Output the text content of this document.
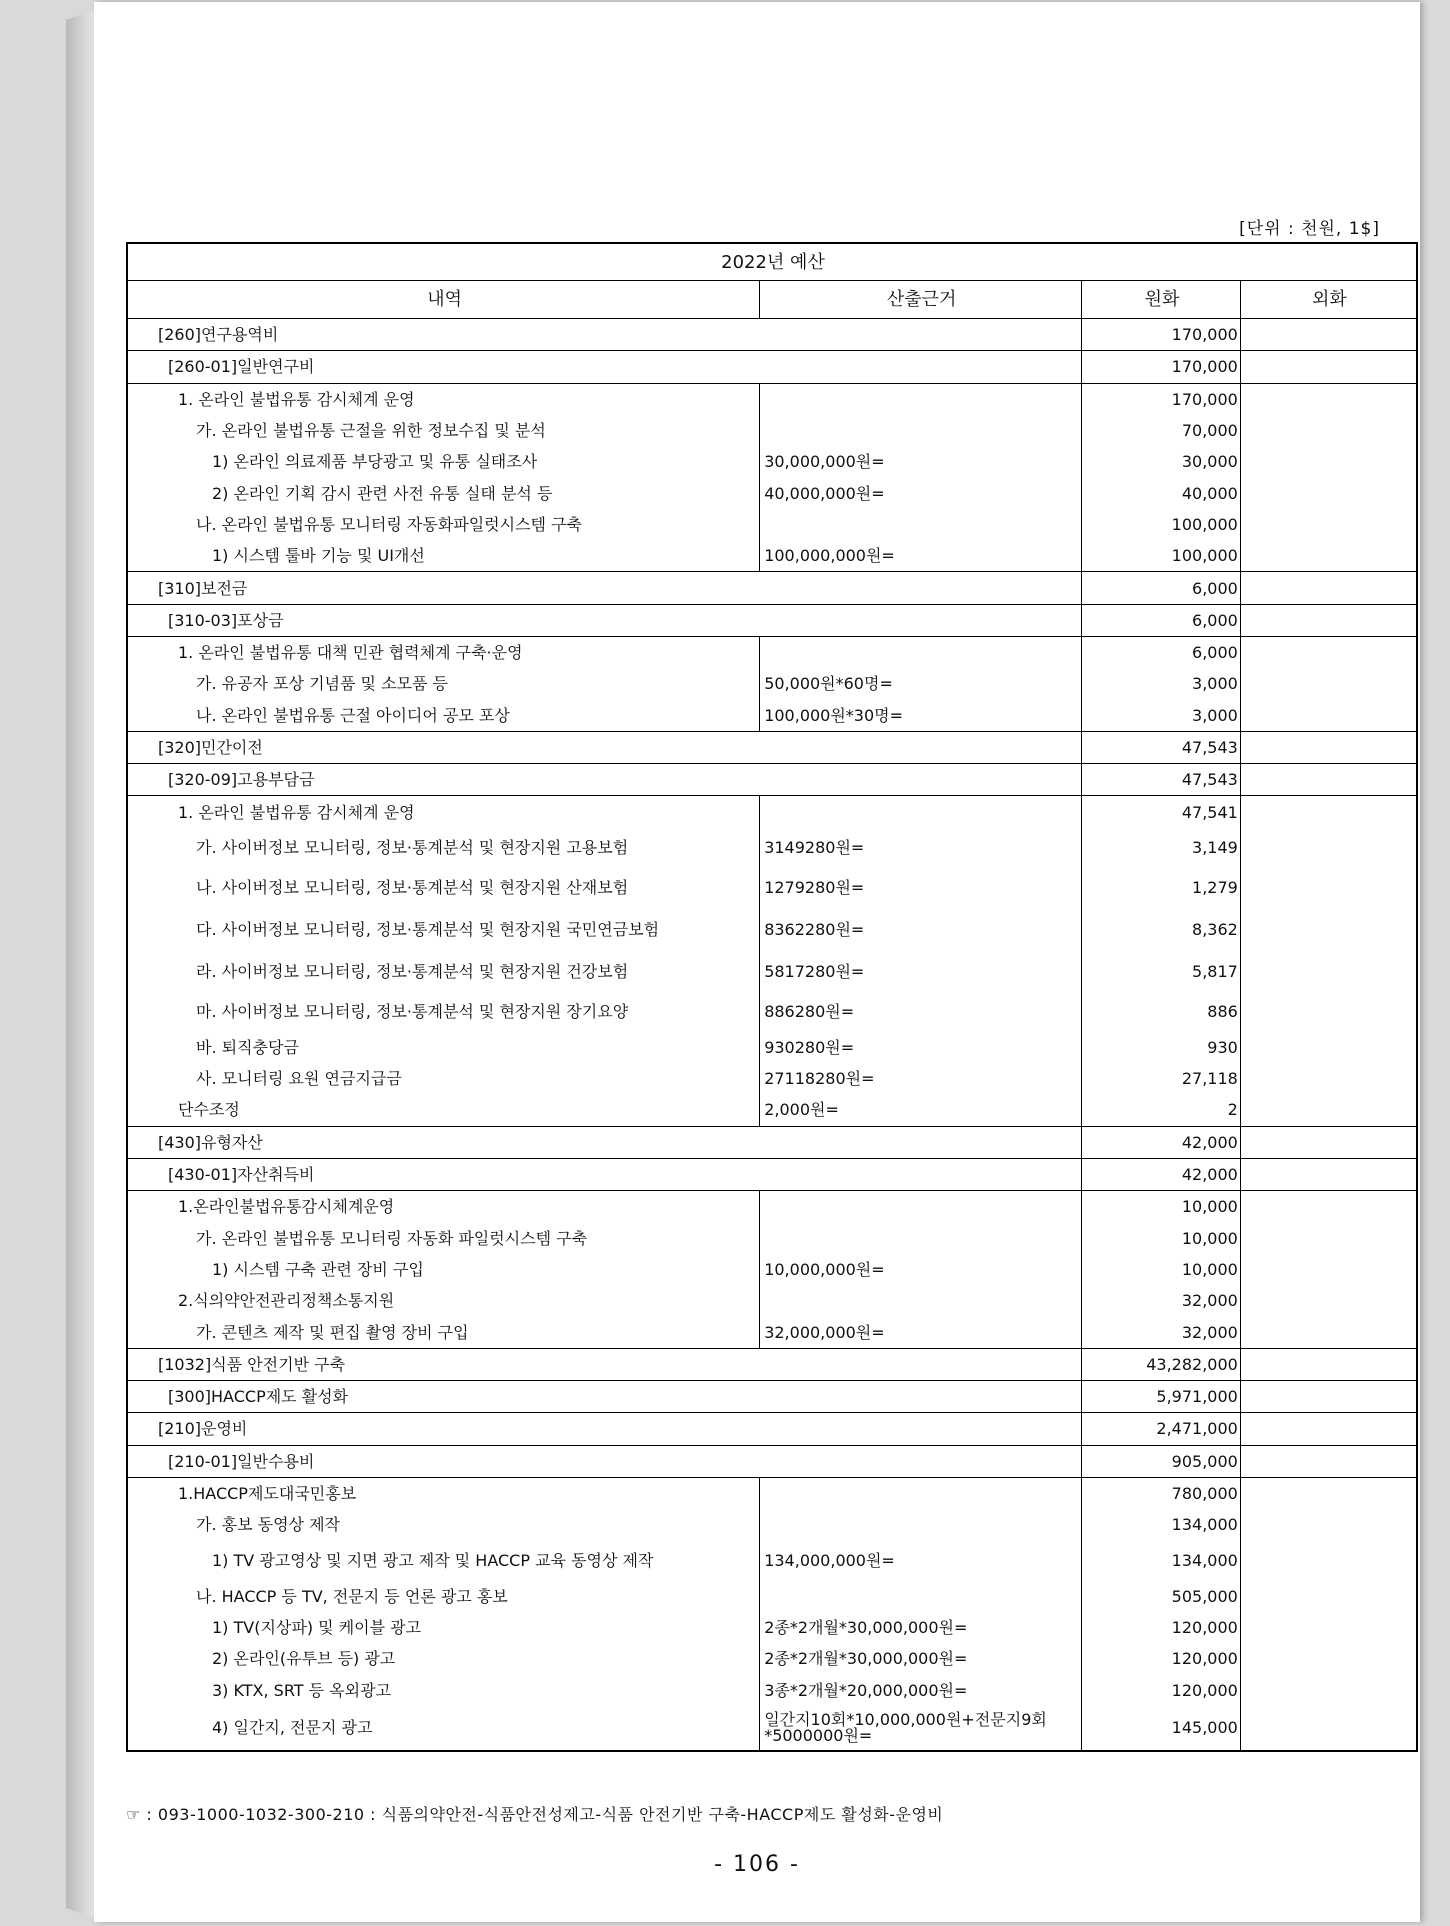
[단위 : 천원, 1$]
2022년 예산			
내역	산출근거	원화	외화
[260]연구용역비		170,000	
[260-01]일반연구비		170,000	
1. 온라인 불법유통 감시체계 운영		170,000	
가. 온라인 불법유통 근절을 위한 정보수집 및 분석		70,000	
1) 온라인 의료제품 부당광고 및 유통 실태조사	30,000,000원=	30,000	
2) 온라인 기획 감시 관련 사전 유통 실태 분석 등	40,000,000원=	40,000	
나. 온라인 불법유통 모니터링 자동화파일럿시스템 구축		100,000	
1) 시스템 툴바 기능 및 UI개선	100,000,000원=	100,000	
[310]보전금		6,000	
[310-03]포상금		6,000	
1. 온라인 불법유통 대책 민관 협력체계 구축·운영		6,000	
가. 유공자 포상 기념품 및 소모품 등	50,000원*60명=	3,000	
나. 온라인 불법유통 근절 아이디어 공모 포상	100,000원*30명=	3,000	
[320]민간이전		47,543	
[320-09]고용부담금		47,543	
1. 온라인 불법유통 감시체계 운영		47,541	
가. 사이버정보 모니터링, 정보·통계분석 및 현장지원 고용보험	3149280원=	3,149	
나. 사이버정보 모니터링, 정보·통계분석 및 현장지원 산재보험	1279280원=	1,279	
다. 사이버정보 모니터링, 정보·통계분석 및 현장지원 국민연금보험	8362280원=	8,362	
라. 사이버정보 모니터링, 정보·통계분석 및 현장지원 건강보험	5817280원=	5,817	
마. 사이버정보 모니터링, 정보·통계분석 및 현장지원 장기요양	886280원=	886	
바. 퇴직충당금	930280원=	930	
사. 모니터링 요원 연금지급금	27118280원=	27,118	
단수조정	2,000원=	2	
[430]유형자산		42,000	
[430-01]자산취득비		42,000	
1.온라인불법유통감시체계운영		10,000	
가. 온라인 불법유통 모니터링 자동화 파일럿시스템 구축		10,000	
1) 시스템 구축 관련 장비 구입	10,000,000원=	10,000	
2.식의약안전관리정책소통지원		32,000	
가. 콘텐츠 제작 및 편집 촬영 장비 구입	32,000,000원=	32,000	
[1032]식품 안전기반 구축		43,282,000	
[300]HACCP제도 활성화		5,971,000	
[210]운영비		2,471,000	
[210-01]일반수용비		905,000	
1.HACCP제도대국민홍보		780,000	
가. 홍보 동영상 제작		134,000	
1) TV 광고영상 및 지면 광고 제작 및 HACCP 교육 동영상 제작	134,000,000원=	134,000	
나. HACCP 등 TV, 전문지 등 언론 광고 홍보		505,000	
1) TV(지상파) 및 케이블 광고	2종*2개월*30,000,000원=	120,000	
2) 온라인(유투브 등) 광고	2종*2개월*30,000,000원=	120,000	
3) KTX, SRT 등 옥외광고	3종*2개월*20,000,000원=	120,000	
4) 일간지, 전문지 광고	일간지10회*10,000,000원+전문지9회*5000000원=	145,000	
☞ : 093-1000-1032-300-210 : 식품의약안전-식품안전성제고-식품 안전기반 구축-HACCP제도 활성화-운영비
- 106 -
